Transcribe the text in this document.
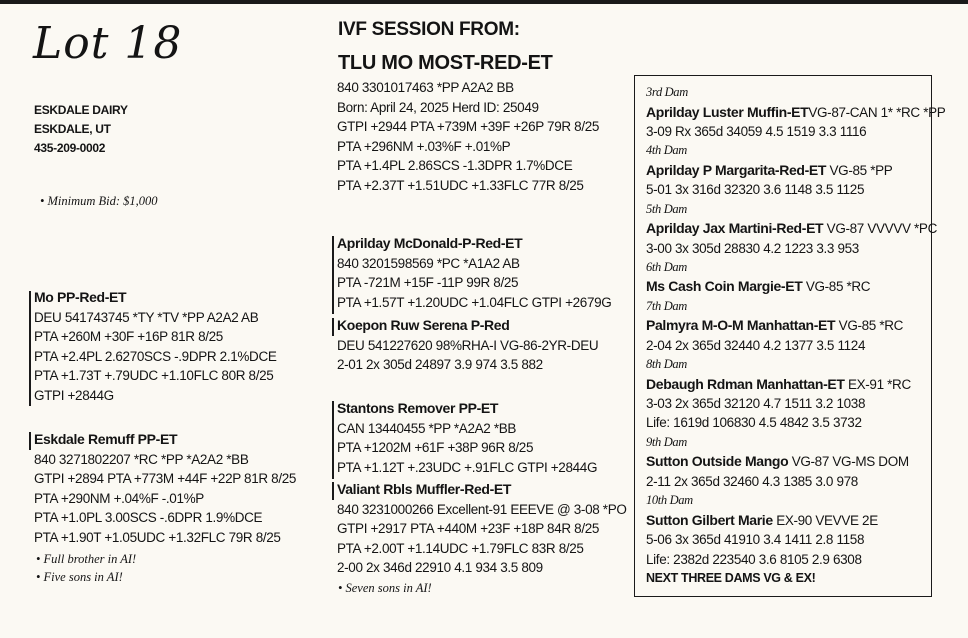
Lot 18
ESKDALE DAIRY
ESKDALE, UT
435-209-0002
• Minimum Bid: $1,000
Mo PP-Red-ET
DEU 541743745 *TY *TV *PP A2A2 AB
PTA +260M +30F +16P 81R 8/25
PTA +2.4PL 2.6270SCS -.9DPR 2.1%DCE
PTA +1.73T +.79UDC +1.10FLC 80R 8/25
GTPI +2844G
Eskdale Remuff PP-ET
840 3271802207 *RC *PP *A2A2 *BB
GTPI +2894 PTA +773M +44F +22P 81R 8/25
PTA +290NM +.04%F -.01%P
PTA +1.0PL 3.00SCS -.6DPR 1.9%DCE
PTA +1.90T +1.05UDC +1.32FLC 79R 8/25
• Full brother in AI!
• Five sons in AI!
IVF SESSION FROM:
TLU MO MOST-RED-ET
840 3301017463 *PP A2A2 BB
Born: April 24, 2025 Herd ID: 25049
GTPI +2944 PTA +739M +39F +26P 79R 8/25
PTA +296NM +.03%F +.01%P
PTA +1.4PL 2.86SCS -1.3DPR 1.7%DCE
PTA +2.37T +1.51UDC +1.33FLC 77R 8/25
Aprilday McDonald-P-Red-ET
840 3201598569 *PC *A1A2 AB
PTA -721M +15F -11P 99R 8/25
PTA +1.57T +1.20UDC +1.04FLC GTPI +2679G
Koepon Ruw Serena P-Red
DEU 541227620 98%RHA-I VG-86-2YR-DEU
2-01 2x 305d 24897 3.9 974 3.5 882
Stantons Remover PP-ET
CAN 13440455 *PP *A2A2 *BB
PTA +1202M +61F +38P 96R 8/25
PTA +1.12T +.23UDC +.91FLC GTPI +2844G
Valiant Rbls Muffler-Red-ET
840 3231000266 Excellent-91 EEEVE @ 3-08 *PO
GTPI +2917 PTA +440M +23F +18P 84R 8/25
PTA +2.00T +1.14UDC +1.79FLC 83R 8/25
2-00 2x 346d 22910 4.1 934 3.5 809
• Seven sons in AI!
3rd Dam
Aprilday Luster Muffin-ETVG-87-CAN 1* *RC *PP
3-09 Rx 365d 34059 4.5 1519 3.3 1116
4th Dam
Aprilday P Margarita-Red-ET VG-85 *PP
5-01 3x 316d 32320 3.6 1148 3.5 1125
5th Dam
Aprilday Jax Martini-Red-ET VG-87 VVVVV *PC
3-00 3x 305d 28830 4.2 1223 3.3 953
6th Dam
Ms Cash Coin Margie-ET VG-85 *RC
7th Dam
Palmyra M-O-M Manhattan-ET VG-85 *RC
2-04 2x 365d 32440 4.2 1377 3.5 1124
8th Dam
Debaugh Rdman Manhattan-ET EX-91 *RC
3-03 2x 365d 32120 4.7 1511 3.2 1038
Life: 1619d 106830 4.5 4842 3.5 3732
9th Dam
Sutton Outside Mango VG-87 VG-MS DOM
2-11 2x 365d 32460 4.3 1385 3.0 978
10th Dam
Sutton Gilbert Marie EX-90 VEVVE 2E
5-06 3x 365d 41910 3.4 1411 2.8 1158
Life: 2382d 223540 3.6 8105 2.9 6308
NEXT THREE DAMS VG & EX!
